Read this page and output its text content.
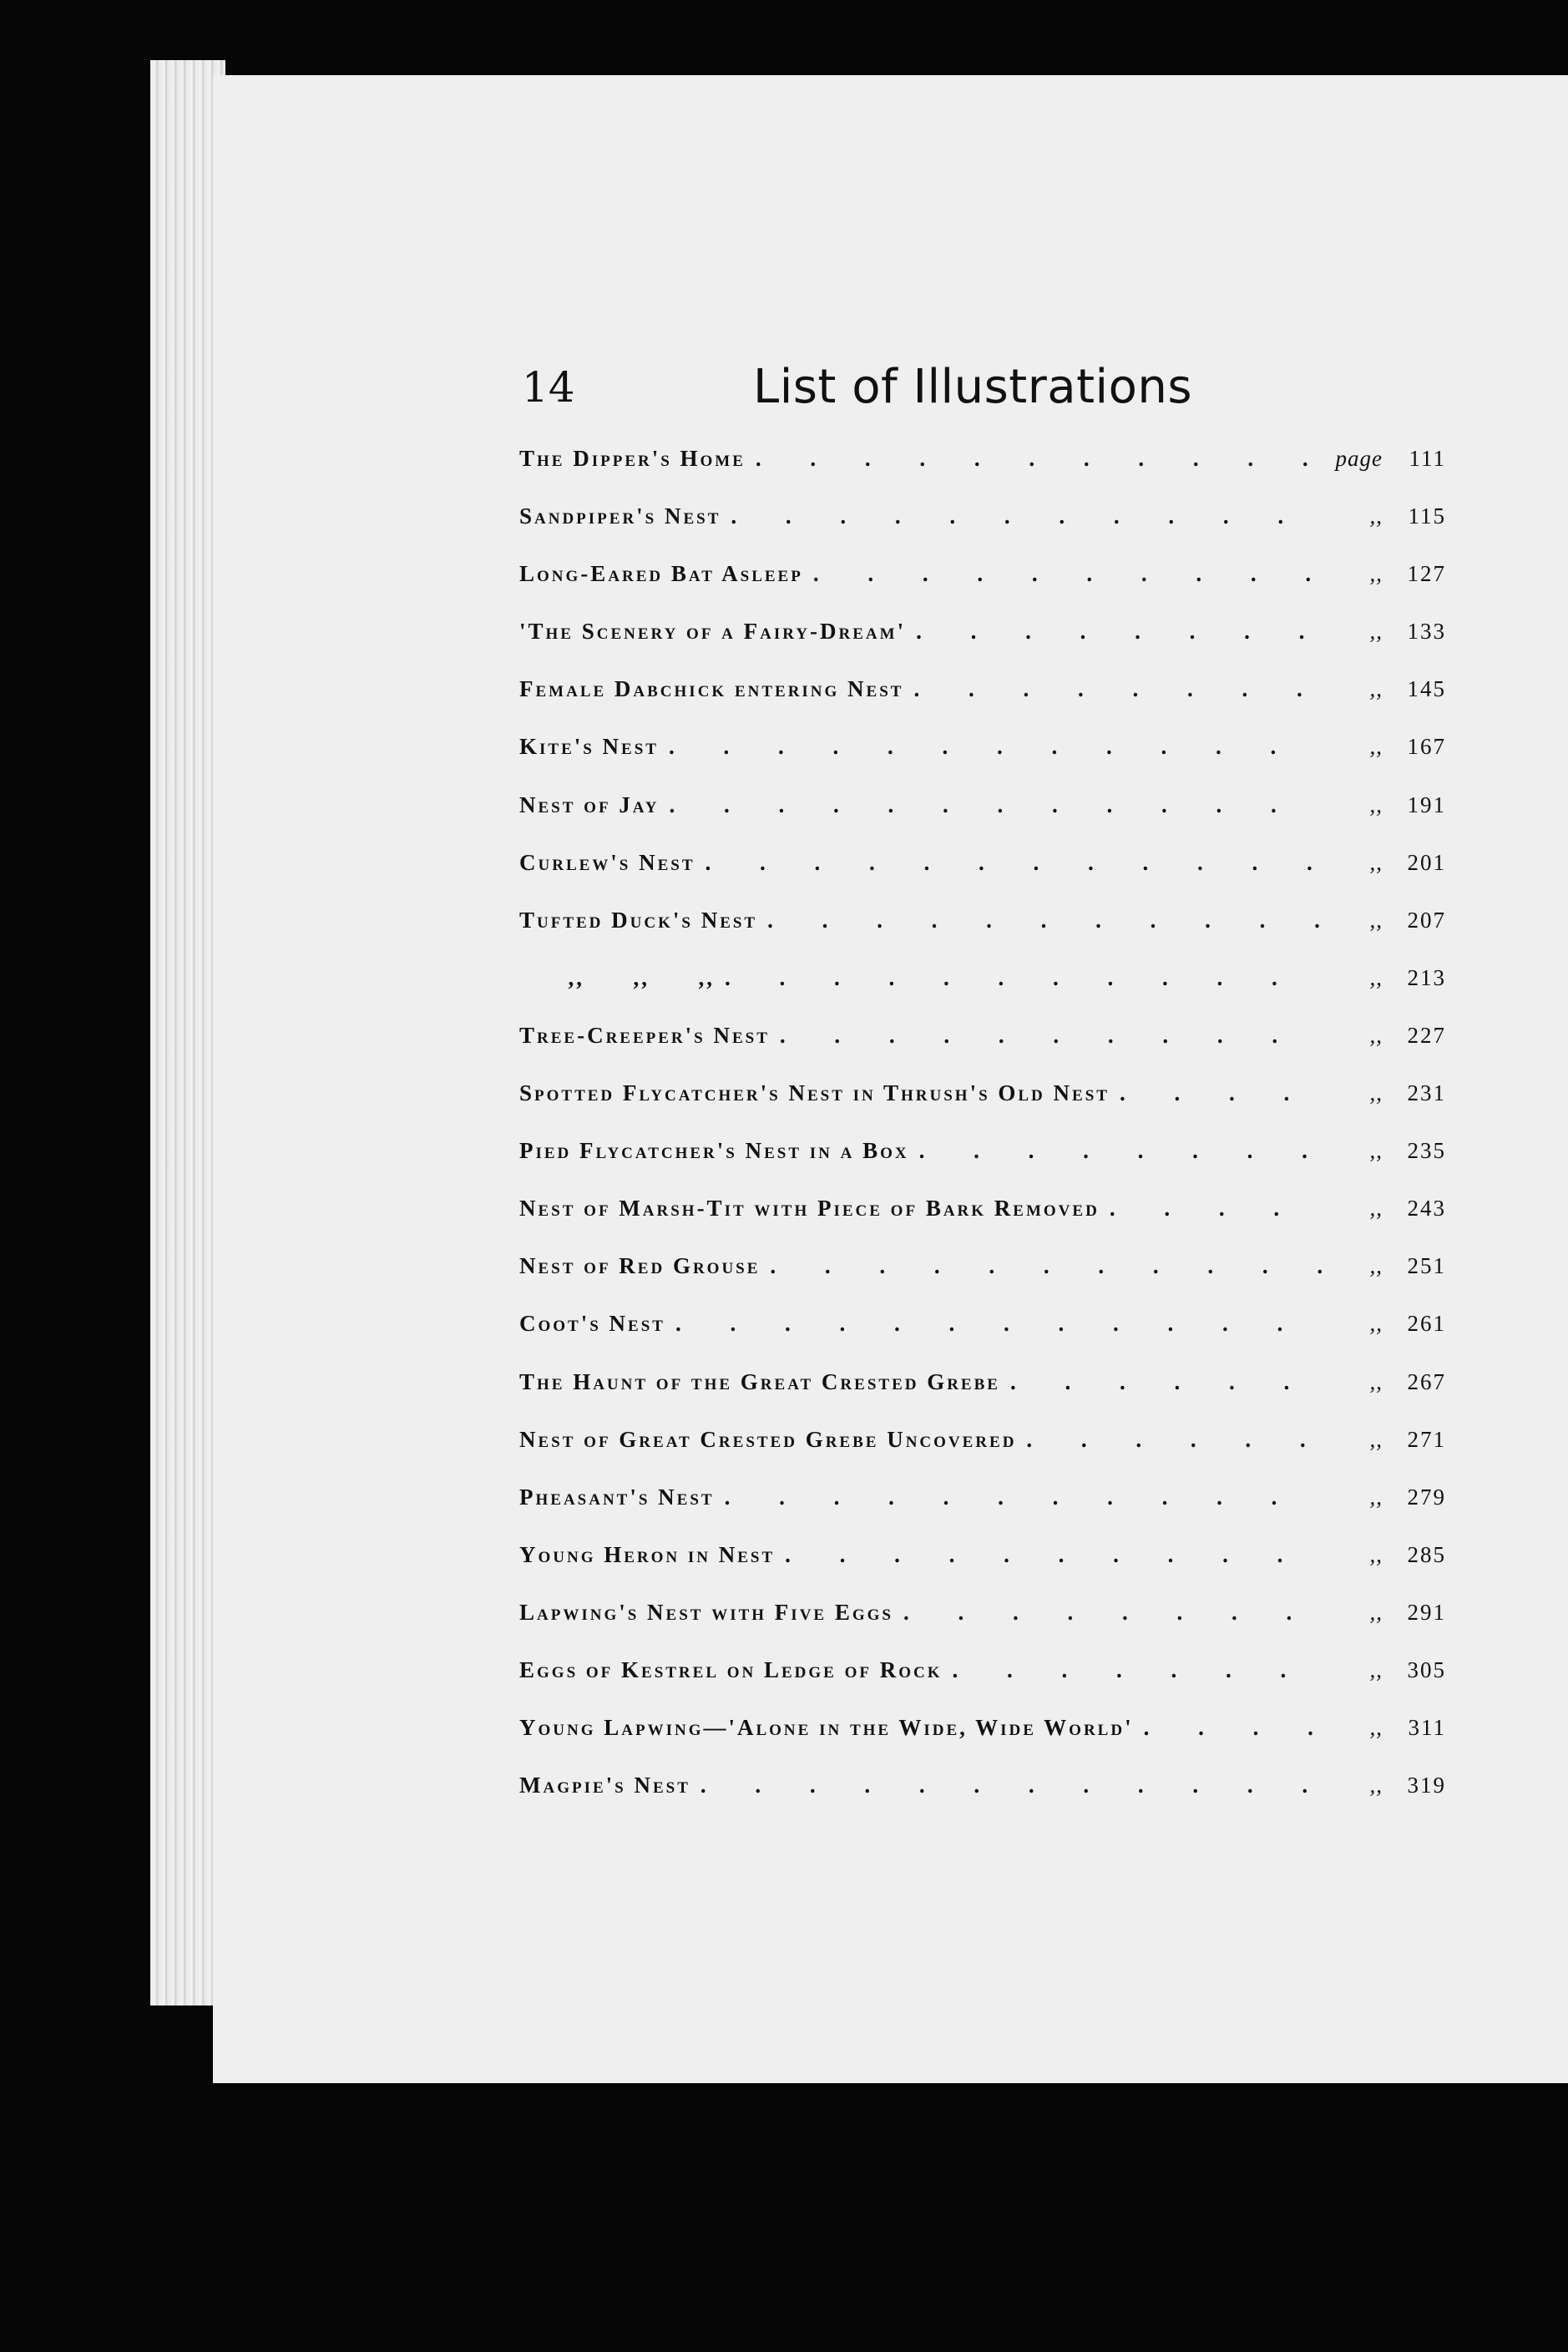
14	List of Illustrations
The Dipper's Home . . .	page	111
Sandpiper's Nest . . .	,,	115
Long-Eared Bat Asleep . . .	,,	127
'The Scenery of a Fairy-Dream' . . .	,,	133
Female Dabchick entering Nest . . .	,,	145
Kite's Nest . . .	,,	167
Nest of Jay . . .	,,	191
Curlew's Nest . . .	,,	201
Tufted Duck's Nest . . .	,,	207
,,      ,,      ,, . . .	,,	213
Tree-Creeper's Nest . . .	,,	227
Spotted Flycatcher's Nest in Thrush's Old Nest . . .	,,	231
Pied Flycatcher's Nest in a Box . . .	,,	235
Nest of Marsh-Tit with Piece of Bark Removed . . .	,,	243
Nest of Red Grouse . . .	,,	251
Coot's Nest . . .	,,	261
The Haunt of the Great Crested Grebe . . .	,,	267
Nest of Great Crested Grebe Uncovered . . .	,,	271
Pheasant's Nest . . .	,,	279
Young Heron in Nest . . .	,,	285
Lapwing's Nest with Five Eggs . . .	,,	291
Eggs of Kestrel on Ledge of Rock . . .	,,	305
Young Lapwing—'Alone in the Wide, Wide World' . . .	,,	311
Magpie's Nest . . .	,,	319
